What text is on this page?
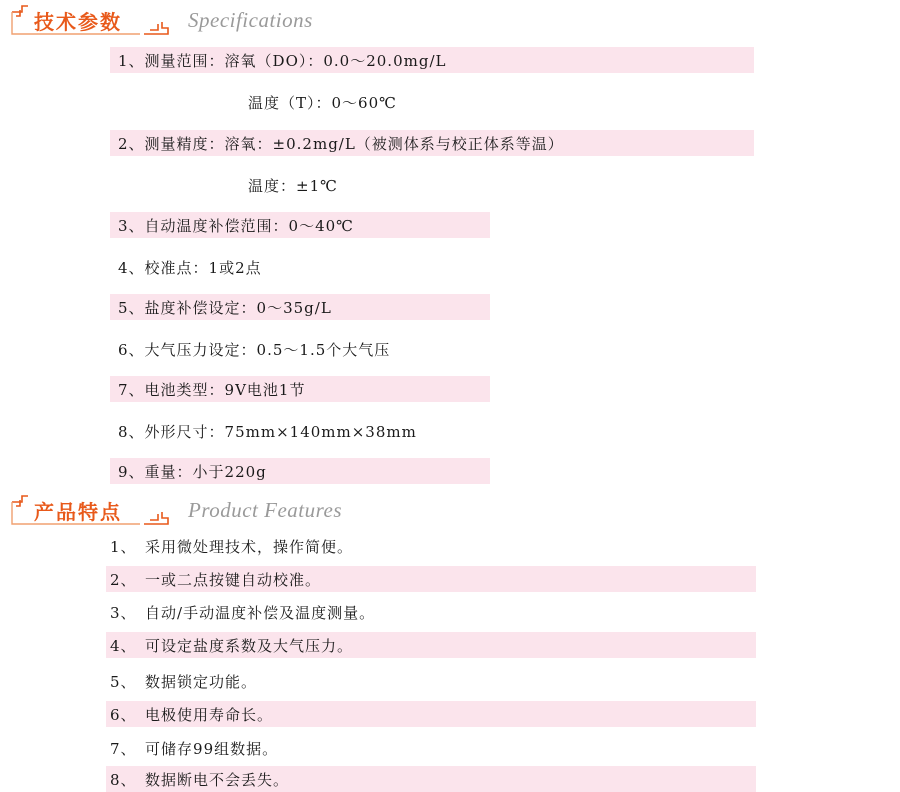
技术参数	Specifications
1、测量范围：溶氧（DO）：0.0～20.0mg/L
温度（T）：0～60℃
2、测量精度：溶氧：±0.2mg/L（被测体系与校正体系等温）
温度：±1℃
3、自动温度补偿范围：0～40℃
4、校准点：1或2点
5、盐度补偿设定：0～35g/L
6、大气压力设定：0.5～1.5个大气压
7、电池类型：9V电池1节
8、外形尺寸：75mm×140mm×38mm
9、重量：小于220g
产品特点	Product Features
1、　采用微处理技术，操作简便。
2、　一或二点按键自动校准。
3、　自动/手动温度补偿及温度测量。
4、　可设定盐度系数及大气压力。
5、　数据锁定功能。
6、　电极使用寿命长。
7、　可储存99组数据。
8、　数据断电不会丢失。
